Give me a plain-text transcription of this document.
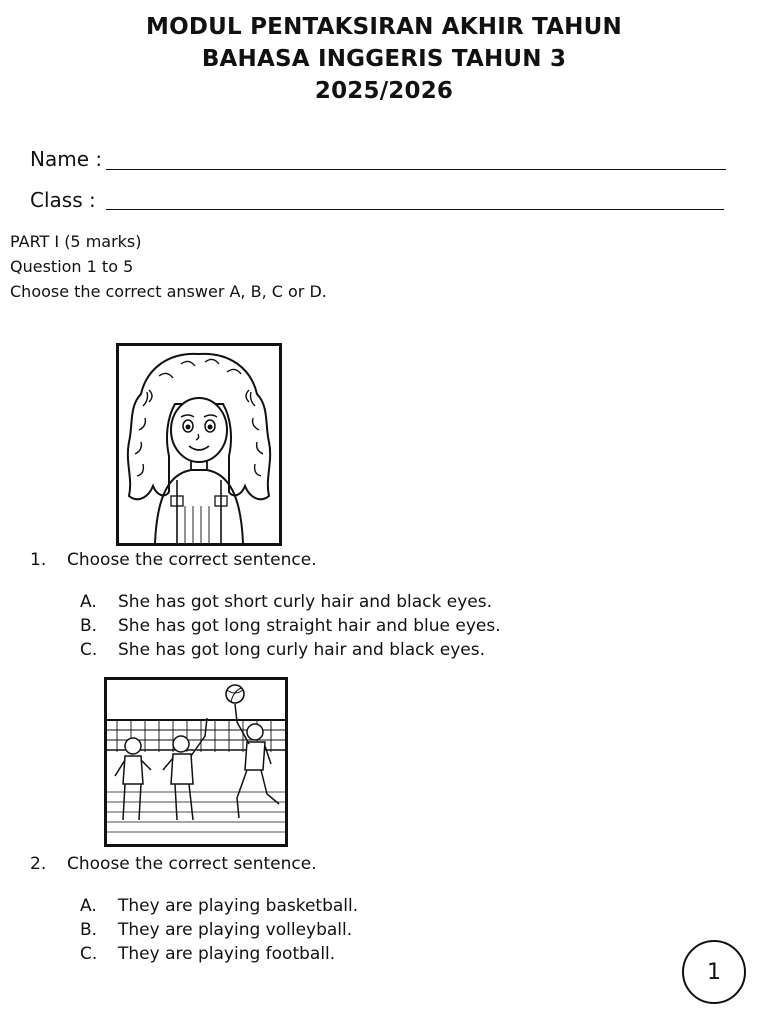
MODUL PENTAKSIRAN AKHIR TAHUN
BAHASA INGGERIS TAHUN 3
2025/2026
Name :
Class :
PART I (5 marks)
Question 1 to 5
Choose the correct answer A, B, C or D.
1. Choose the correct sentence.
A. She has got short curly hair and black eyes.
B. She has got long straight hair and blue eyes.
C. She has got long curly hair and black eyes.
2. Choose the correct sentence.
A. They are playing basketball.
B. They are playing volleyball.
C. They are playing football.
1
